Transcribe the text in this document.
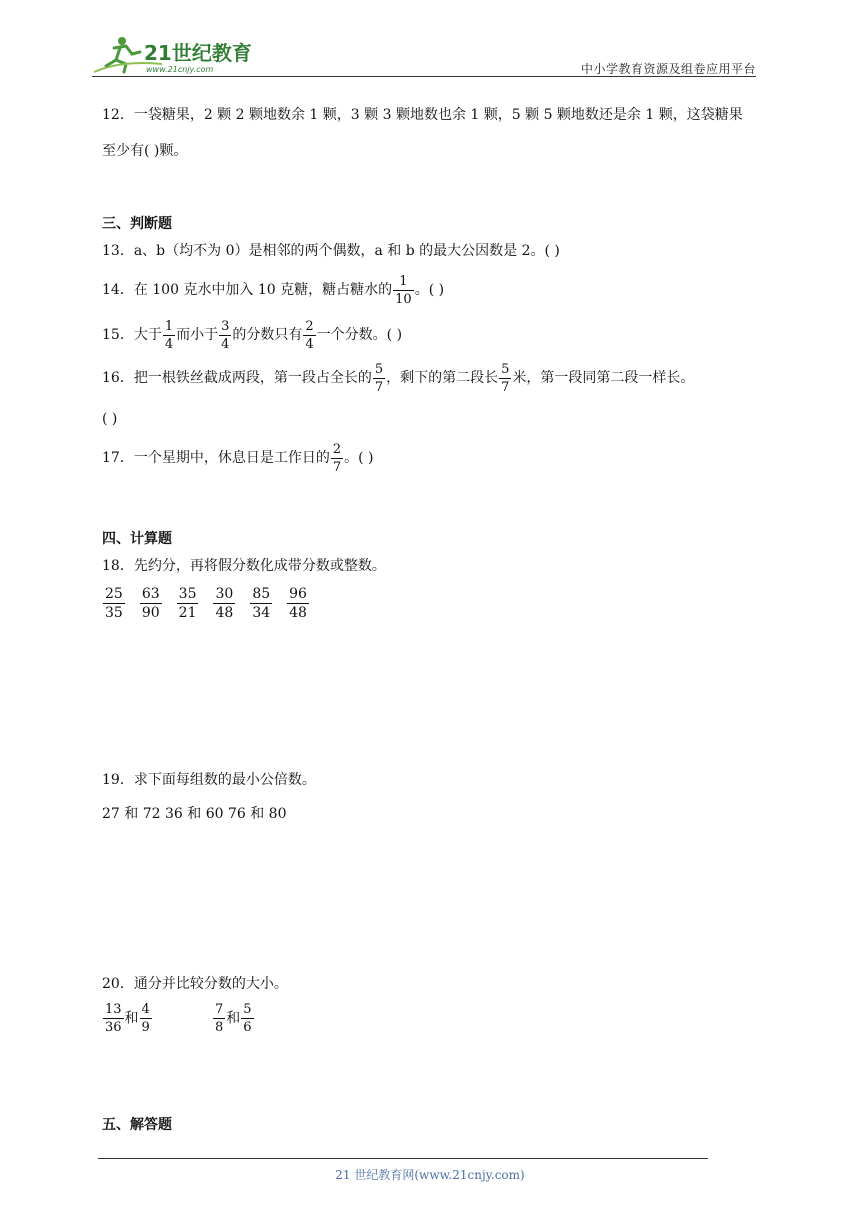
21世纪教育
www.21cnjy.com	中小学教育资源及组卷应用平台
12．一袋糖果，2 颗 2 颗地数余 1 颗，3 颗 3 颗地数也余 1 颗，5 颗 5 颗地数还是余 1 颗，这袋糖果
至少有( )颗。
三、判断题
13．a、b（均不为 0）是相邻的两个偶数，a 和 b 的最大公因数是 2。( )
14．在 100 克水中加入 10 克糖，糖占糖水的 $\frac{1}{10}$ 。( )
15．大于 $\frac{1}{4}$ 而小于 $\frac{3}{4}$ 的分数只有 $\frac{2}{4}$ 一个分数。( )
16．把一根铁丝截成两段，第一段占全长的 $\frac{5}{7}$ ，剩下的第二段长 $\frac{5}{7}$ 米，第一段同第二段一样长。
( )
17．一个星期中，休息日是工作日的 $\frac{2}{7}$ 。( )
四、计算题
18．先约分，再将假分数化成带分数或整数。
$\frac{25}{35} \frac{63}{90} \frac{35}{21} \frac{30}{48} \frac{85}{34} \frac{96}{48}$
19．求下面每组数的最小公倍数。
27 和 72 36 和 60 76 和 80
20．通分并比较分数的大小。
$\frac{13}{36}$ 和 $\frac{4}{9}$	$\frac{7}{8}$ 和 $\frac{5}{6}$
五、解答题
21 世纪教育网(www.21cnjy.com)
